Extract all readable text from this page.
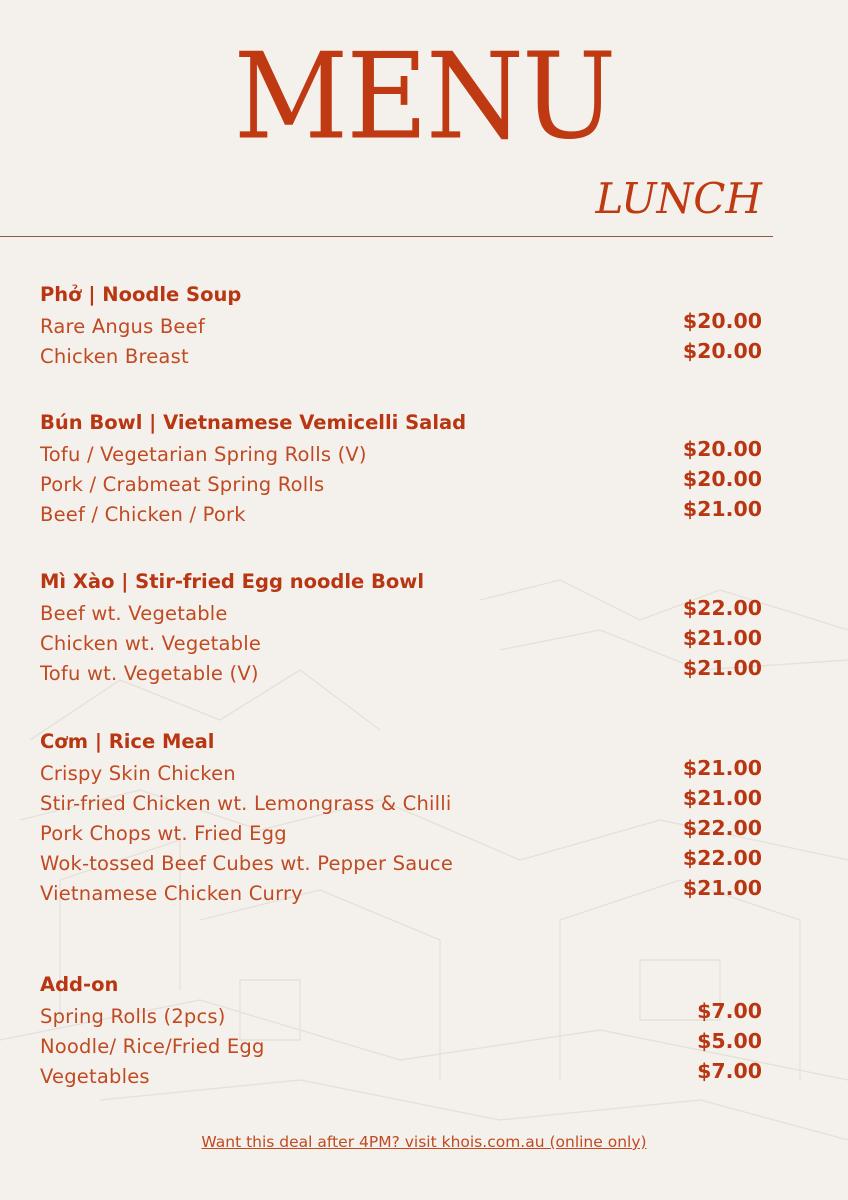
MENU
LUNCH
Phở | Noodle Soup
Rare Angus Beef	$20.00
Chicken Breast	$20.00
Bún Bowl | Vietnamese Vemicelli Salad
Tofu / Vegetarian Spring Rolls (V)	$20.00
Pork / Crabmeat Spring Rolls	$20.00
Beef / Chicken / Pork	$21.00
Mì Xào | Stir-fried Egg noodle Bowl
Beef wt. Vegetable	$22.00
Chicken wt. Vegetable	$21.00
Tofu wt. Vegetable (V)	$21.00
Cơm | Rice Meal
Crispy Skin Chicken	$21.00
Stir-fried Chicken wt. Lemongrass & Chilli	$21.00
Pork Chops wt. Fried Egg	$22.00
Wok-tossed Beef Cubes wt. Pepper Sauce	$22.00
Vietnamese Chicken Curry	$21.00
Add-on
Spring Rolls (2pcs)	$7.00
Noodle/ Rice/Fried Egg	$5.00
Vegetables	$7.00
Want this deal after 4PM? visit khois.com.au (online only)
